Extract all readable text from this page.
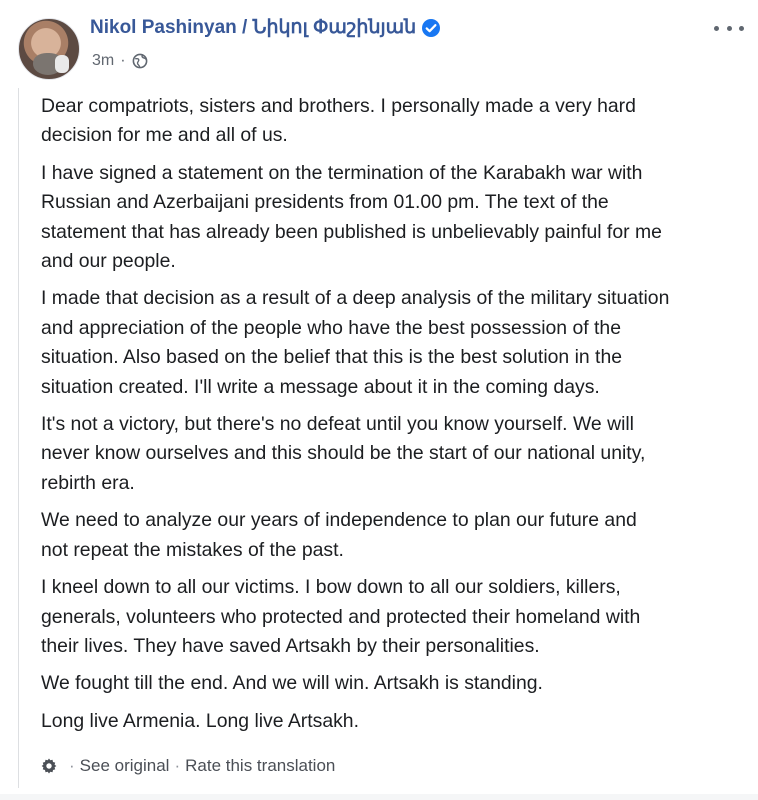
Nikol Pashinyan / Նիկոլ Փաշինյան
3m ·

Dear compatriots, sisters and brothers. I personally made a very hard
decision for me and all of us.

I have signed a statement on the termination of the Karabakh war with
Russian and Azerbaijani presidents from 01.00 pm. The text of the
statement that has already been published is unbelievably painful for me
and our people.

I made that decision as a result of a deep analysis of the military situation
and appreciation of the people who have the best possession of the
situation. Also based on the belief that this is the best solution in the
situation created. I'll write a message about it in the coming days.

It's not a victory, but there's no defeat until you know yourself. We will
never know ourselves and this should be the start of our national unity,
rebirth era.

We need to analyze our years of independence to plan our future and
not repeat the mistakes of the past.

I kneel down to all our victims. I bow down to all our soldiers, killers,
generals, volunteers who protected and protected their homeland with
their lives. They have saved Artsakh by their personalities.

We fought till the end. And we will win. Artsakh is standing.

Long live Armenia. Long live Artsakh.

· See original · Rate this translation
